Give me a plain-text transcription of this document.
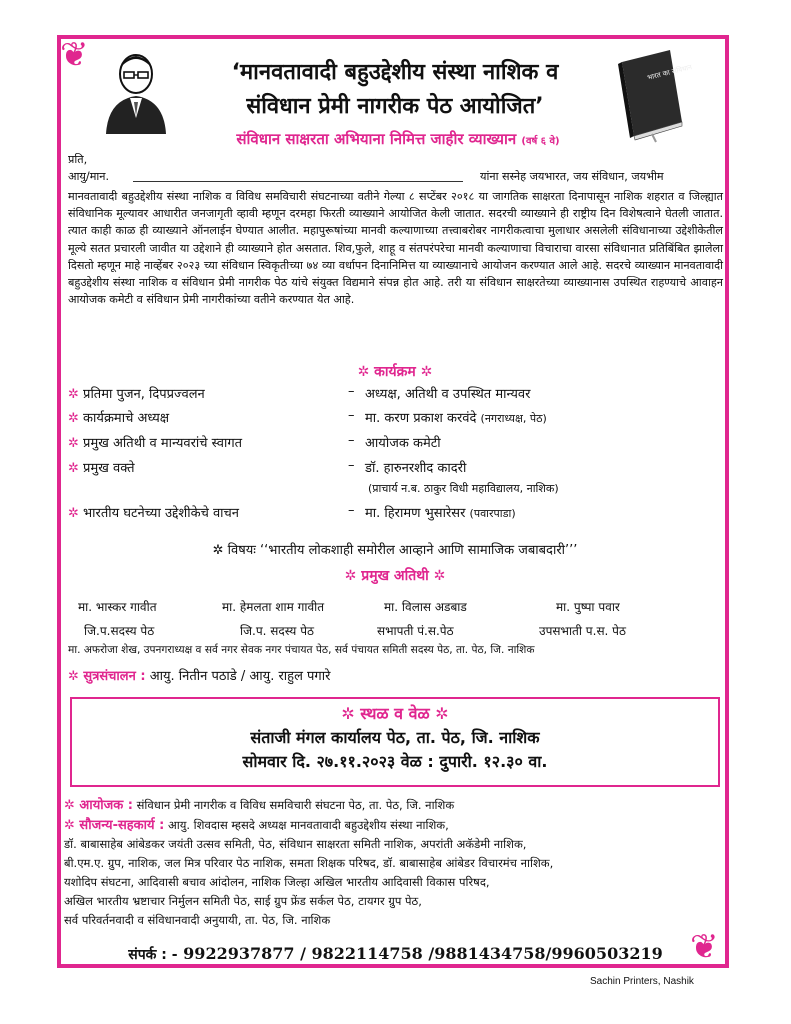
❦
❦
भारत का संविधान
‘मानवतावादी बहुउद्देशीय संस्था नाशिक व
संविधान प्रेमी नागरीक पेठ आयोजित’
संविधान साक्षरता अभियाना निमित्त जाहीर व्याख्यान (वर्ष ६ वे)
प्रति,
आयु/मान.	यांना सस्नेह जयभारत, जय संविधान, जयभीम
मानवतावादी बहुउद्देशीय संस्था नाशिक व विविध समविचारी संघटनाच्या वतीने गेल्या ८ सप्टेंबर २०१८ या जागतिक साक्षरता दिनापासून नाशिक शहरात व जिल्ह्यात संविधानिक मूल्यावर आधारीत जनजागृती व्हावी म्हणून दरमहा फिरती व्याख्याने आयोजित केली जातात. सदरची व्याख्याने ही राष्ट्रीय दिन विशेषत्वाने घेतली जातात. त्यात काही काळ ही व्याख्याने ऑनलाईन घेण्यात आलीत. महापुरूषांच्या मानवी कल्याणाच्या तत्त्वाबरोबर नागरीकत्वाचा मुलाधार असलेली संविधानाच्या उद्देशीकेतील मूल्ये सतत प्रचारली जावीत या उद्देशाने ही व्याख्याने होत असतात. शिव,फुले, शाहू व संतपरंपरेचा मानवी कल्याणाचा विचाराचा वारसा संविधानात प्रतिबिंबित झालेला दिसतो म्हणून माहे नाव्हेंबर २०२३ च्या संविधान स्विकृतीच्या ७४ व्या वर्धापन दिनानिमित्त या व्याख्यानाचे आयोजन करण्यात आले आहे. सदरचे व्याख्यान मानवतावादी बहुउद्देशीय संस्था नाशिक व संविधान प्रेमी नागरीक पेठ यांचे संयुक्त विद्यमाने संपन्न होत आहे. तरी या संविधान साक्षरतेच्या व्याख्यानास उपस्थित राहण्याचे आवाहन आयोजक कमेटी व संविधान प्रेमी नागरीकांच्या वतीने करण्यात येत आहे.
✲ कार्यक्रम ✲
✲ प्रतिमा पुजन, दिपप्रज्वलन	– अध्यक्ष, अतिथी व उपस्थित मान्यवर
✲ कार्यक्रमाचे अध्यक्ष	– मा. करण प्रकाश करवंदे (नगराध्यक्ष, पेठ)
✲ प्रमुख अतिथी व मान्यवरांचे स्वागत	– आयोजक कमेटी
✲ प्रमुख वक्ते	– डॉ. हारुनरशीद कादरी
(प्राचार्य न.ब. ठाकुर विधी महाविद्यालय, नाशिक)
✲ भारतीय घटनेच्या उद्देशीकेचे वाचन	– मा. हिरामण भुसारेसर (पवारपाडा)
✲ विषयः ‘‘भारतीय लोकशाही समोरील आव्हाने आणि सामाजिक जबाबदारी’’’
✲ प्रमुख अतिथी ✲
मा. भास्कर गावीत	मा. हेमलता शाम गावीत	मा. विलास अडबाड	मा. पुष्पा पवार
जि.प.सदस्य पेठ	जि.प. सदस्य पेठ	सभापती पं.स.पेठ	उपसभाती प.स. पेठ
मा. अफरोजा शेख, उपनगराध्यक्ष व सर्व नगर सेवक नगर पंचायत पेठ, सर्व पंचायत समिती सदस्य पेठ, ता. पेठ, जि. नाशिक
✲ सुत्रसंचालन : आयु. नितीन पठाडे / आयु. राहुल पगारे
✲ स्थळ व वेळ ✲
संताजी मंगल कार्यालय पेठ, ता. पेठ, जि. नाशिक
सोमवार दि. २७.११.२०२३ वेळ : दुपारी. १२.३० वा.
✲ आयोजक : संविधान प्रेमी नागरीक व विविध समविचारी संघटना पेठ, ता. पेठ, जि. नाशिक
✲ सौजन्य-सहकार्य : आयु. शिवदास म्हसदे अध्यक्ष मानवतावादी बहुउद्देशीय संस्था नाशिक,
डॉ. बाबासाहेब आंबेडकर जयंती उत्सव समिती, पेठ, संविधान साक्षरता समिती नाशिक, अपरांती अकॅडेमी नाशिक,
बी.एम.ए. ग्रुप, नाशिक, जल मित्र परिवार पेठ नाशिक, समता शिक्षक परिषद, डॉ. बाबासाहेब आंबेडर विचारमंच नाशिक,
यशोदिप संघटना, आदिवासी बचाव आंदोलन, नाशिक जिल्हा अखिल भारतीय आदिवासी विकास परिषद,
अखिल भारतीय भ्रष्टाचार निर्मुलन समिती पेठ, साई ग्रुप फ्रेंड सर्कल पेठ, टायगर ग्रुप पेठ,
सर्व परिवर्तनवादी व संविधानवादी अनुयायी, ता. पेठ, जि. नाशिक
संपर्क : - 9922937877 / 9822114758 /9881434758/9960503219
Sachin Printers, Nashik
